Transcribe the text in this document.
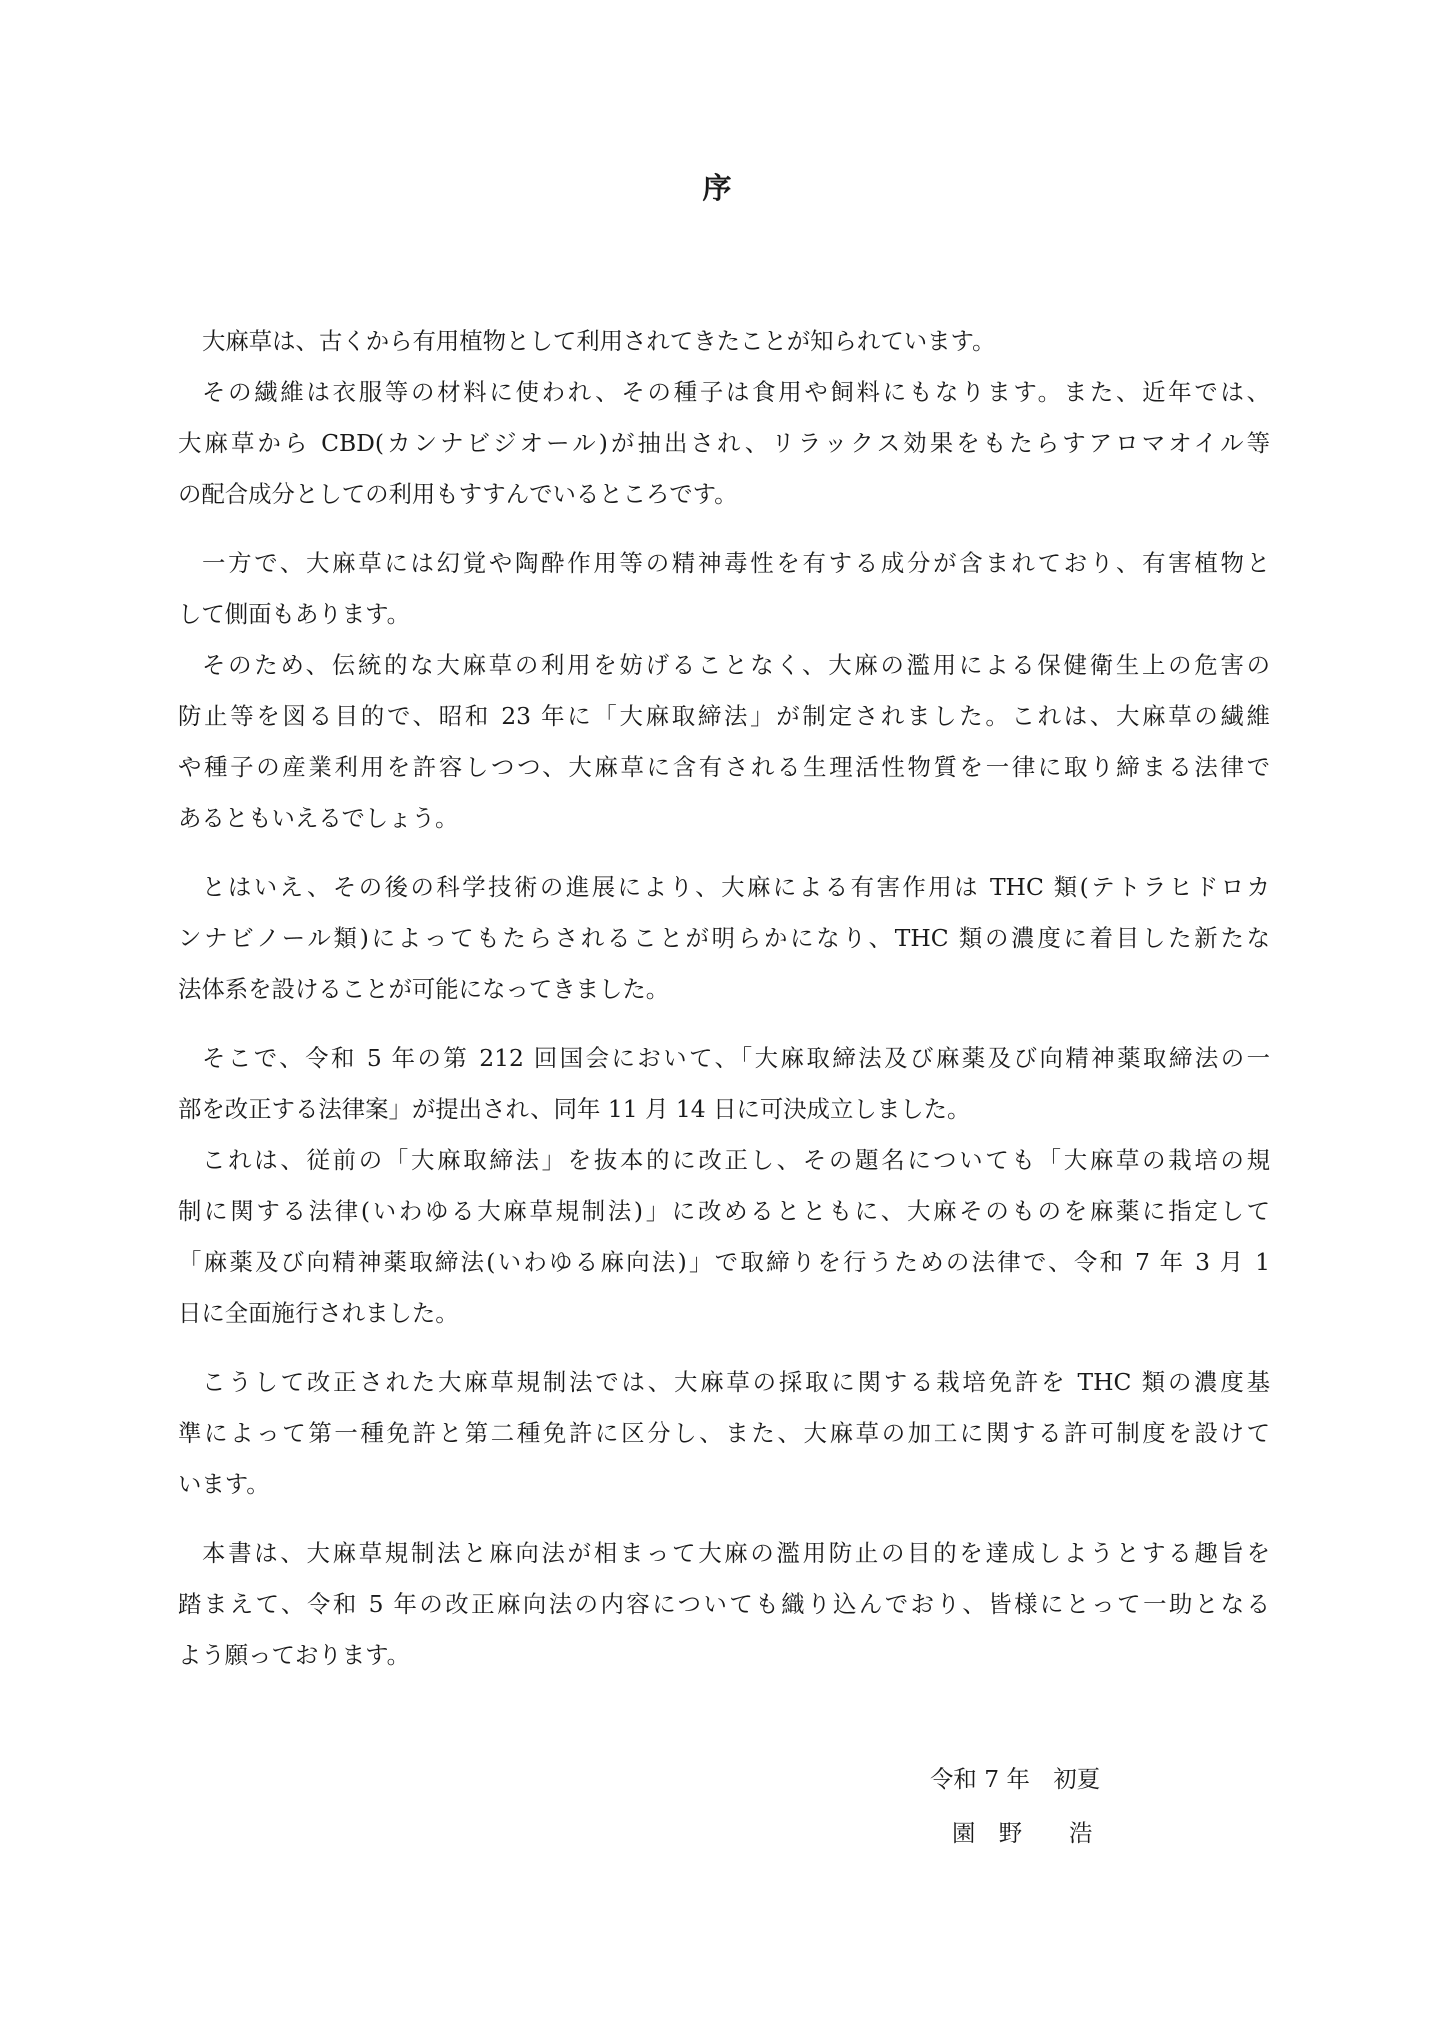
序
大麻草は、古くから有用植物として利用されてきたことが知られています。
その繊維は衣服等の材料に使われ、その種子は食用や飼料にもなります。また、近年では、
大麻草から CBD(カンナビジオール)が抽出され、リラックス効果をもたらすアロマオイル等
の配合成分としての利用もすすんでいるところです。
一方で、大麻草には幻覚や陶酔作用等の精神毒性を有する成分が含まれており、有害植物と
して側面もあります。
そのため、伝統的な大麻草の利用を妨げることなく、大麻の濫用による保健衛生上の危害の
防止等を図る目的で、昭和 23 年に「大麻取締法」が制定されました。これは、大麻草の繊維
や種子の産業利用を許容しつつ、大麻草に含有される生理活性物質を一律に取り締まる法律で
あるともいえるでしょう。
とはいえ、その後の科学技術の進展により、大麻による有害作用は THC 類(テトラヒドロカ
ンナビノール類)によってもたらされることが明らかになり、THC 類の濃度に着目した新たな
法体系を設けることが可能になってきました。
そこで、令和 5 年の第 212 回国会において、「大麻取締法及び麻薬及び向精神薬取締法の一
部を改正する法律案」が提出され、同年 11 月 14 日に可決成立しました。
これは、従前の「大麻取締法」を抜本的に改正し、その題名についても「大麻草の栽培の規
制に関する法律(いわゆる大麻草規制法)」に改めるとともに、大麻そのものを麻薬に指定して
「麻薬及び向精神薬取締法(いわゆる麻向法)」で取締りを行うための法律で、令和 7 年 3 月 1
日に全面施行されました。
こうして改正された大麻草規制法では、大麻草の採取に関する栽培免許を THC 類の濃度基
準によって第一種免許と第二種免許に区分し、また、大麻草の加工に関する許可制度を設けて
います。
本書は、大麻草規制法と麻向法が相まって大麻の濫用防止の目的を達成しようとする趣旨を
踏まえて、令和 5 年の改正麻向法の内容についても織り込んでおり、皆様にとって一助となる
よう願っております。
令和 7 年　初夏
園　野　　浩
